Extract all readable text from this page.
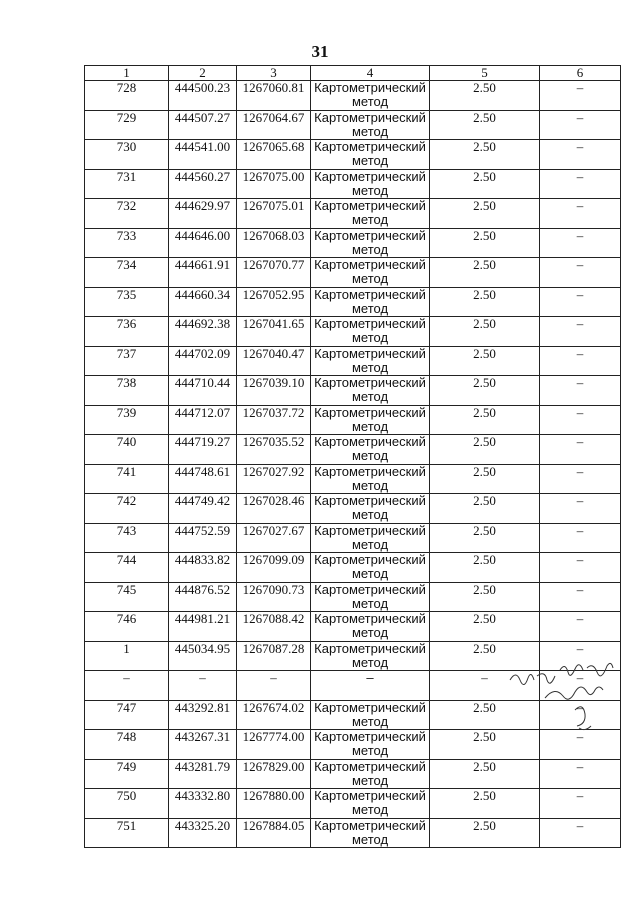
31
1	2	3	4	5	6
728	444500.23	1267060.81	Картометрический метод	2.50	–
729	444507.27	1267064.67	Картометрический метод	2.50	–
730	444541.00	1267065.68	Картометрический метод	2.50	–
731	444560.27	1267075.00	Картометрический метод	2.50	–
732	444629.97	1267075.01	Картометрический метод	2.50	–
733	444646.00	1267068.03	Картометрический метод	2.50	–
734	444661.91	1267070.77	Картометрический метод	2.50	–
735	444660.34	1267052.95	Картометрический метод	2.50	–
736	444692.38	1267041.65	Картометрический метод	2.50	–
737	444702.09	1267040.47	Картометрический метод	2.50	–
738	444710.44	1267039.10	Картометрический метод	2.50	–
739	444712.07	1267037.72	Картометрический метод	2.50	–
740	444719.27	1267035.52	Картометрический метод	2.50	–
741	444748.61	1267027.92	Картометрический метод	2.50	–
742	444749.42	1267028.46	Картометрический метод	2.50	–
743	444752.59	1267027.67	Картометрический метод	2.50	–
744	444833.82	1267099.09	Картометрический метод	2.50	–
745	444876.52	1267090.73	Картометрический метод	2.50	–
746	444981.21	1267088.42	Картометрический метод	2.50	–
1	445034.95	1267087.28	Картометрический метод	2.50	–
–	–	–	–	–	–
747	443292.81	1267674.02	Картометрический метод	2.50	–
748	443267.31	1267774.00	Картометрический метод	2.50	–
749	443281.79	1267829.00	Картометрический метод	2.50	–
750	443332.80	1267880.00	Картометрический метод	2.50	–
751	443325.20	1267884.05	Картометрический метод	2.50	–
